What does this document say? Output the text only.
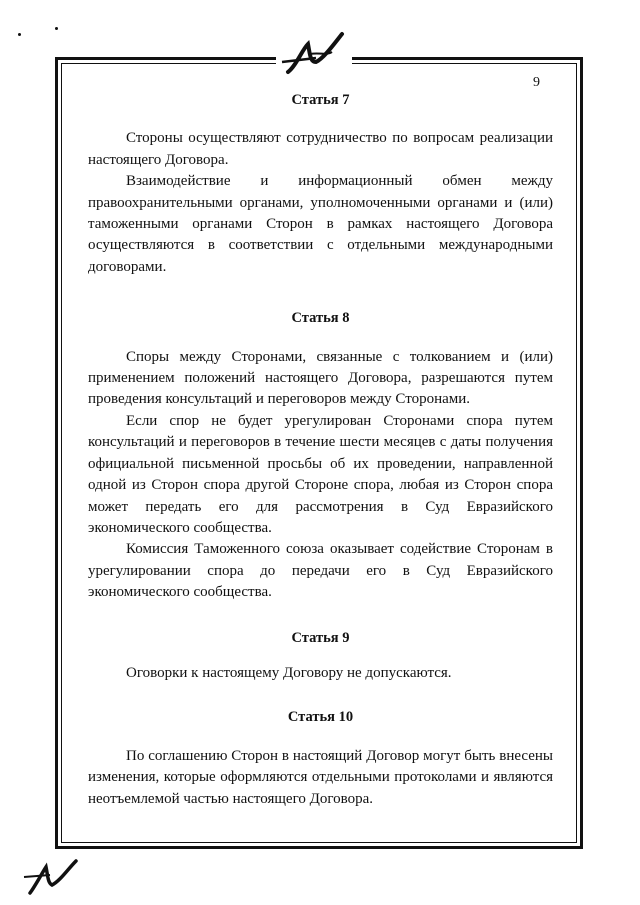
9

Статья 7

Стороны осуществляют сотрудничество по вопросам реализации настоящего Договора.

Взаимодействие и информационный обмен между правоохранительными органами, уполномоченными органами и (или) таможенными органами Сторон в рамках настоящего Договора осуществляются в соответствии с отдельными международными договорами.

Статья 8

Споры между Сторонами, связанные с толкованием и (или) применением положений настоящего Договора, разрешаются путем проведения консультаций и переговоров между Сторонами.

Если спор не будет урегулирован Сторонами спора путем консультаций и переговоров в течение шести месяцев с даты получения официальной письменной просьбы об их проведении, направленной одной из Сторон спора другой Стороне спора, любая из Сторон спора может передать его для рассмотрения в Суд Евразийского экономического сообщества.

Комиссия Таможенного союза оказывает содействие Сторонам в урегулировании спора до передачи его в Суд Евразийского экономического сообщества.

Статья 9

Оговорки к настоящему Договору не допускаются.

Статья 10

По соглашению Сторон в настоящий Договор могут быть внесены изменения, которые оформляются отдельными протоколами и являются неотъемлемой частью настоящего Договора.
